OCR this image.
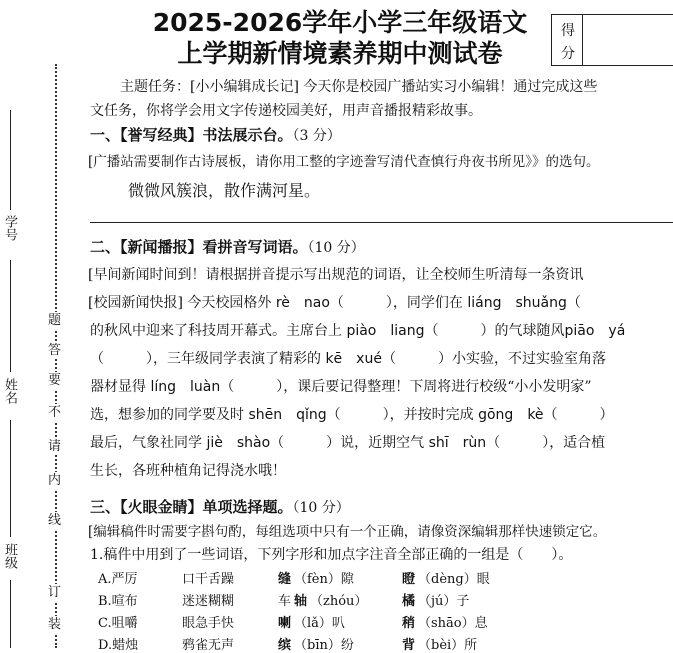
学号
姓名
班级
装
订
线
内
请
不
要
答
题
2025-2026学年小学三年级语文
上学期新情境素养期中测试卷
得
分
主题任务：[小小编辑成长记] 今天你是校园广播站实习小编辑！通过完成这些
文任务，你将学会用文字传递校园美好，用声音播报精彩故事。
一、【誉写经典】书法展示台。（3 分）
[广播站需要制作古诗展板，请你用工整的字迹誊写清代查慎行舟夜书所见》》的选句。
微微风簇浪，散作满河星。
二、【新闻播报】看拼音写词语。（10 分）
[早间新闻时间到！请根据拼音提示写出规范的词语，让全校师生听清每一条资讯
[校园新闻快报] 今天校园格外 rè　nao（	），同学们在 liáng　shuǎng（
的秋风中迎来了科技周开幕式。主席台上 piào　liang（	）的气球随风piāo　yá
（	），三年级同学表演了精彩的 kē　xué（	）小实验，不过实验室角落
器材显得 líng　luàn（	），课后要记得整理！下周将进行校级“小小发明家”
选，想参加的同学要及时 shēn　qǐng（	），并按时完成 gōng　kè（	）
最后，气象社同学 jiè　shào（	）说，近期空气 shī　rùn（	），适合植
生长，各班种植角记得浇水哦！
三、【火眼金睛】单项选择题。（10 分）
[编辑稿件时需要字斟句酌，每组选项中只有一个正确，请像资深编辑那样快速锁定它。
1.稿件中用到了一些词语，下列字形和加点字注音全部正确的一组是（　　）。
A.严厉	口干舌躁	缝 （fèn）隙	瞪 （dèng）眼
B.喧布	迷迷糊糊	车 轴 （zhóu）	橘 （jú）子
C.咀嚼	眼急手快	喇 （lǎ）叭	稍 （shāo）息
D.蜡烛	鸦雀无声	缤 （bīn）纷	背 （bèi）所
